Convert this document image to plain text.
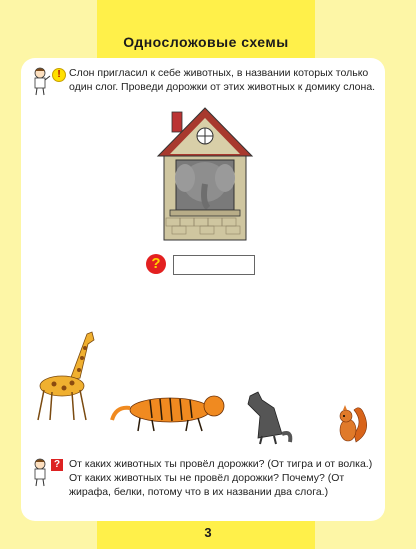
Односложовые схемы
! Слон пригласил к себе животных, в названии которых только один слог. Проведи дорожки от этих животных к домику слона.
?
? От каких животных ты провёл дорожки? (От тигра и от волка.) От каких животных ты не провёл дорожки? Почему? (От жирафа, белки, потому что в их названии два слога.)
3
